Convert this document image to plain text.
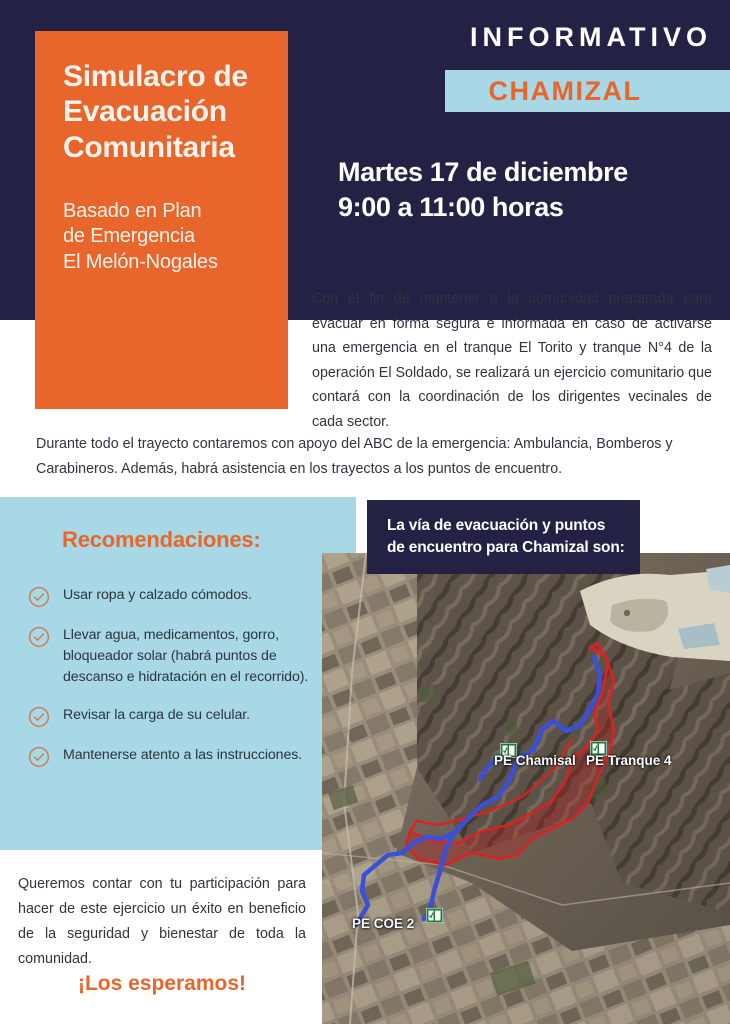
INFORMATIVO
CHAMIZAL
Martes 17 de diciembre
9:00 a 11:00 horas
Simulacro de
Evacuación
Comunitaria
Basado en Plan
de Emergencia
El Melón-Nogales

Con el fin de mantener a la comunidad preparada para evacuar en forma segura e informada en caso de activarse una emergencia en el tranque El Torito y tranque N°4 de la operación El Soldado, se realizará un ejercicio comunitario que contará con la coordinación de los dirigentes vecinales de cada sector.

Durante todo el trayecto contaremos con apoyo del ABC de la emergencia: Ambulancia, Bomberos y Carabineros. Además, habrá asistencia en los trayectos a los puntos de encuentro.

Recomendaciones:
Usar ropa y calzado cómodos.
Llevar agua, medicamentos, gorro, bloqueador solar (habrá puntos de descanso e hidratación en el recorrido).
Revisar la carga de su celular.
Mantenerse atento a las instrucciones.	PE Chamisal PE Tranque 4
PE COE 2
La vía de evacuación y puntos
de encuentro para Chamizal son:

Queremos contar con tu participación para hacer de este ejercicio un éxito en beneficio de la seguridad y bienestar de toda la comunidad.

¡Los esperamos!
